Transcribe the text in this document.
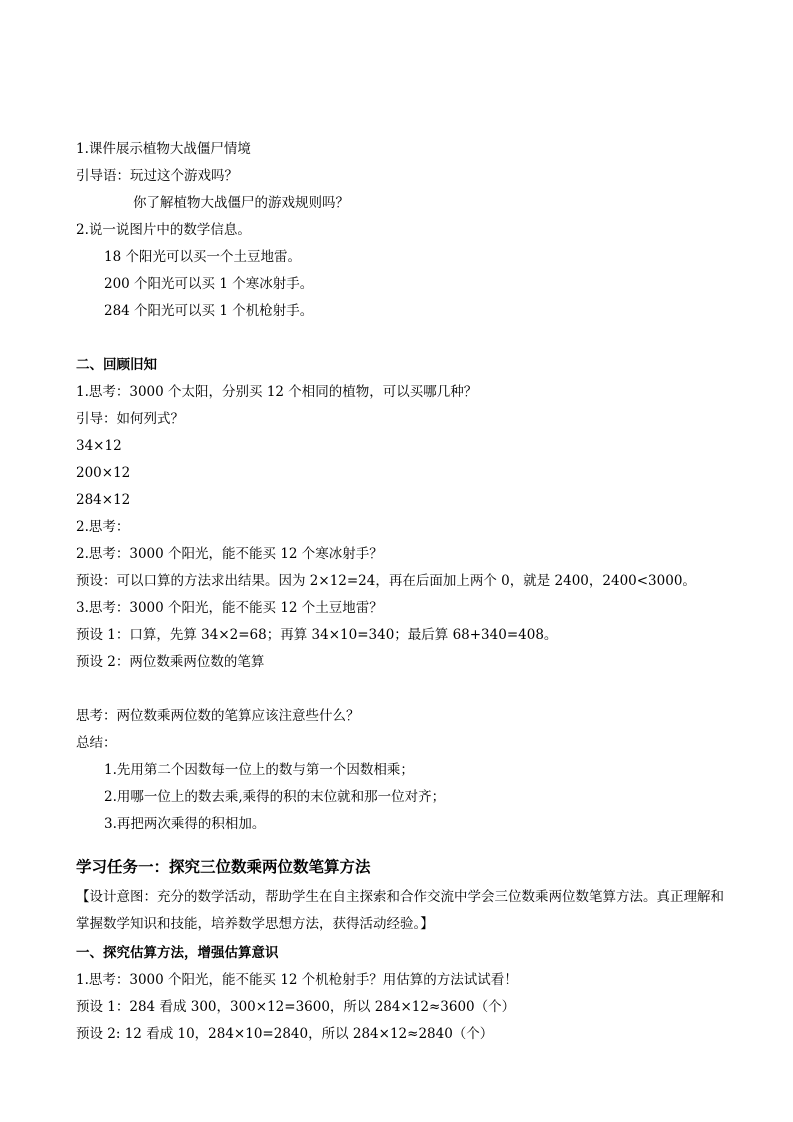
1.课件展示植物大战僵尸情境
引导语：玩过这个游戏吗？
你了解植物大战僵尸的游戏规则吗？
2.说一说图片中的数学信息。
18 个阳光可以买一个土豆地雷。
200 个阳光可以买 1 个寒冰射手。
284 个阳光可以买 1 个机枪射手。
二、回顾旧知
1.思考：3000 个太阳，分别买 12 个相同的植物，可以买哪几种？
引导：如何列式？
34×12
200×12
284×12
2.思考：
2.思考：3000 个阳光，能不能买 12 个寒冰射手？
预设：可以口算的方法求出结果。因为 2×12=24，再在后面加上两个 0，就是 2400，2400<3000。
3.思考：3000 个阳光，能不能买 12 个土豆地雷？
预设 1：口算，先算 34×2=68；再算 34×10=340；最后算 68+340=408。
预设 2：两位数乘两位数的笔算
思考：两位数乘两位数的笔算应该注意些什么？
总结：
1.先用第二个因数每一位上的数与第一个因数相乘；
2.用哪一位上的数去乘,乘得的积的末位就和那一位对齐；
3.再把两次乘得的积相加。
学习任务一：探究三位数乘两位数笔算方法
【设计意图：充分的数学活动，帮助学生在自主探索和合作交流中学会三位数乘两位数笔算方法。真正理解和掌握数学知识和技能，培养数学思想方法，获得活动经验。】
一、探究估算方法，增强估算意识
1.思考：3000 个阳光，能不能买 12 个机枪射手？用估算的方法试试看！
预设 1：284 看成 300，300×12=3600，所以 284×12≈3600（个）
预设 2: 12 看成 10，284×10=2840，所以 284×12≈2840（个）
